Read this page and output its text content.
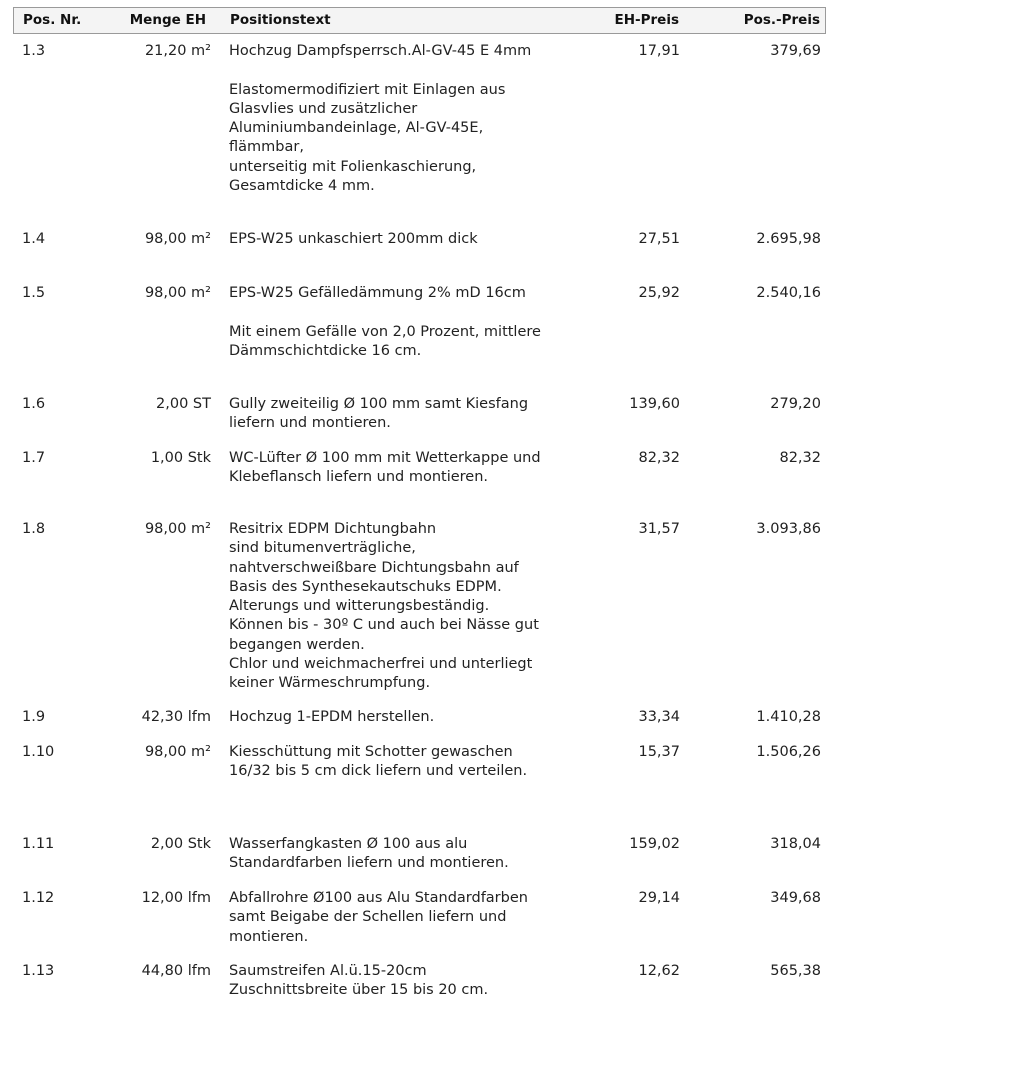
Pos. Nr.	Menge EH Positionstext	EH-Preis	Pos.-Preis
1.3	21,20 m² Hochzug Dampfsperrsch.Al-GV-45 E 4mm
Elastomermodifiziert mit Einlagen aus
Glasvlies und zusätzlicher
Aluminiumbandeinlage, Al-GV-45E,
flämmbar,
unterseitig mit Folienkaschierung,
Gesamtdicke 4 mm.
17,91	379,69
1.4	98,00 m² EPS-W25 unkaschiert 200mm dick	27,51	2.695,98
1.5	98,00 m² EPS-W25 Gefälledämmung 2% mD 16cm
Mit einem Gefälle von 2,0 Prozent, mittlere
Dämmschichtdicke 16 cm.
25,92	2.540,16
1.6	2,00 ST Gully zweiteilig Ø 100 mm samt Kiesfang
liefern und montieren.
139,60	279,20
1.7	1,00 Stk WC-Lüfter Ø 100 mm mit Wetterkappe und
Klebeflansch liefern und montieren.
82,32	82,32
1.8	98,00 m² Resitrix EDPM Dichtungbahn
sind bitumenverträgliche,
nahtverschweißbare Dichtungsbahn auf
Basis des Synthesekautschuks EDPM.
Alterungs und witterungsbeständig.
Können bis - 30º C und auch bei Nässe gut
begangen werden.
Chlor und weichmacherfrei und unterliegt
keiner Wärmeschrumpfung.
31,57	3.093,86
1.9	42,30 lfm Hochzug 1-EPDM herstellen.	33,34	1.410,28
1.10	98,00 m² Kiesschüttung mit Schotter gewaschen
16/32 bis 5 cm dick liefern und verteilen.
15,37	1.506,26
1.11	2,00 Stk Wasserfangkasten Ø 100 aus alu
Standardfarben liefern und montieren.
159,02	318,04
1.12	12,00 lfm Abfallrohre Ø100 aus Alu Standardfarben
samt Beigabe der Schellen liefern und
montieren.
29,14	349,68
1.13	44,80 lfm Saumstreifen Al.ü.15-20cm
Zuschnittsbreite über 15 bis 20 cm.
12,62	565,38
